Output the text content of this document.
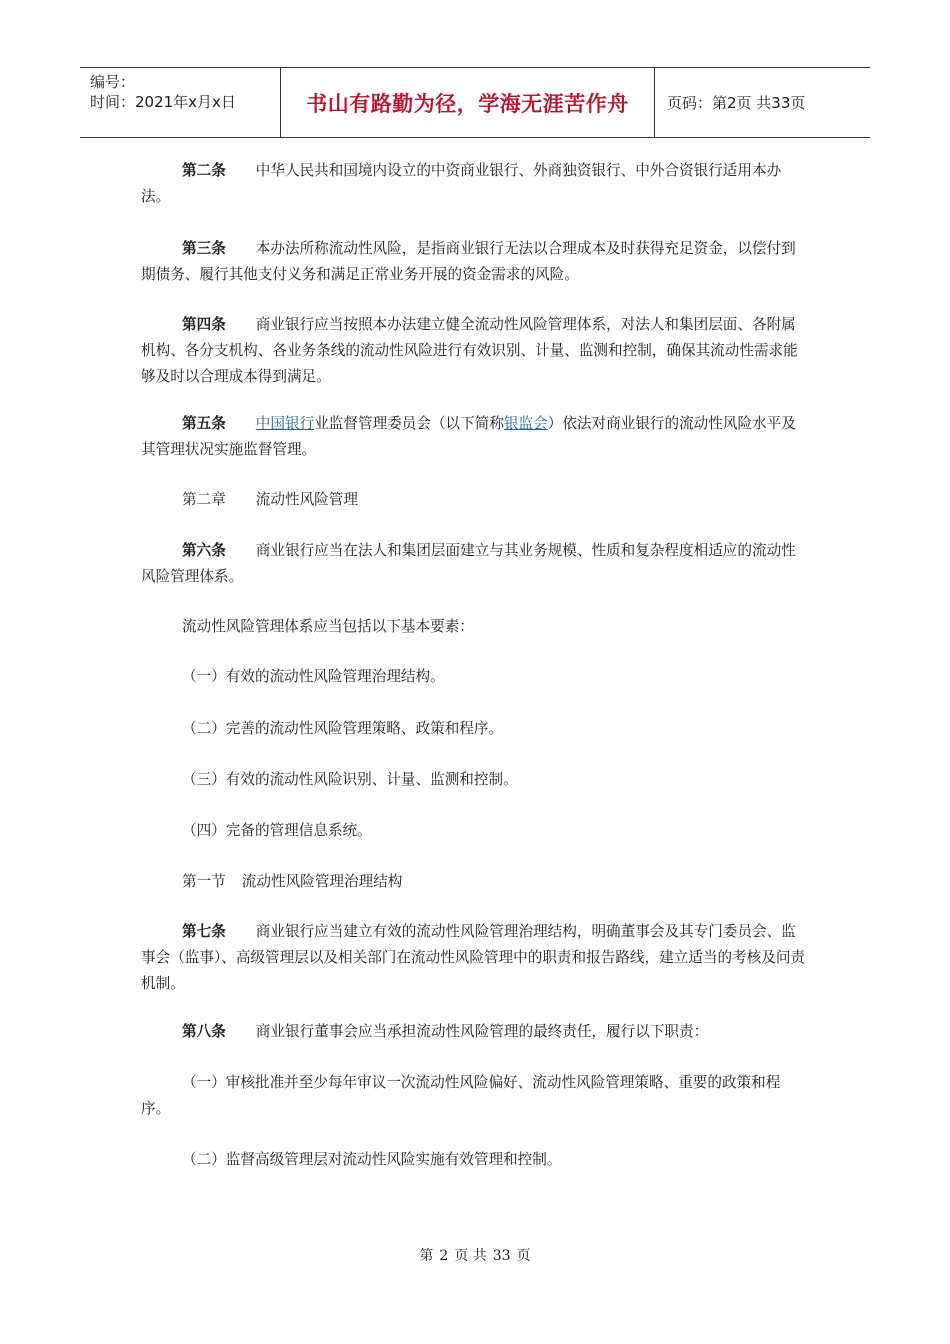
编号：
时间：2021年x月x日	书山有路勤为径，学海无涯苦作舟	页码：第2页 共33页
第二条 中华人民共和国境内设立的中资商业银行、外商独资银行、中外合资银行适用本办法。
第三条 本办法所称流动性风险，是指商业银行无法以合理成本及时获得充足资金，以偿付到期债务、履行其他支付义务和满足正常业务开展的资金需求的风险。
第四条 商业银行应当按照本办法建立健全流动性风险管理体系，对法人和集团层面、各附属机构、各分支机构、各业务条线的流动性风险进行有效识别、计量、监测和控制，确保其流动性需求能够及时以合理成本得到满足。
第五条 中国银行业监督管理委员会（以下简称银监会）依法对商业银行的流动性风险水平及其管理状况实施监督管理。
第二章 流动性风险管理
第六条 商业银行应当在法人和集团层面建立与其业务规模、性质和复杂程度相适应的流动性风险管理体系。
流动性风险管理体系应当包括以下基本要素：
（一）有效的流动性风险管理治理结构。
（二）完善的流动性风险管理策略、政策和程序。
（三）有效的流动性风险识别、计量、监测和控制。
（四）完备的管理信息系统。
第一节 流动性风险管理治理结构
第七条 商业银行应当建立有效的流动性风险管理治理结构，明确董事会及其专门委员会、监事会（监事）、高级管理层以及相关部门在流动性风险管理中的职责和报告路线，建立适当的考核及问责机制。
第八条 商业银行董事会应当承担流动性风险管理的最终责任，履行以下职责：
（一）审核批准并至少每年审议一次流动性风险偏好、流动性风险管理策略、重要的政策和程序。
（二）监督高级管理层对流动性风险实施有效管理和控制。
第 2 页 共 33 页
